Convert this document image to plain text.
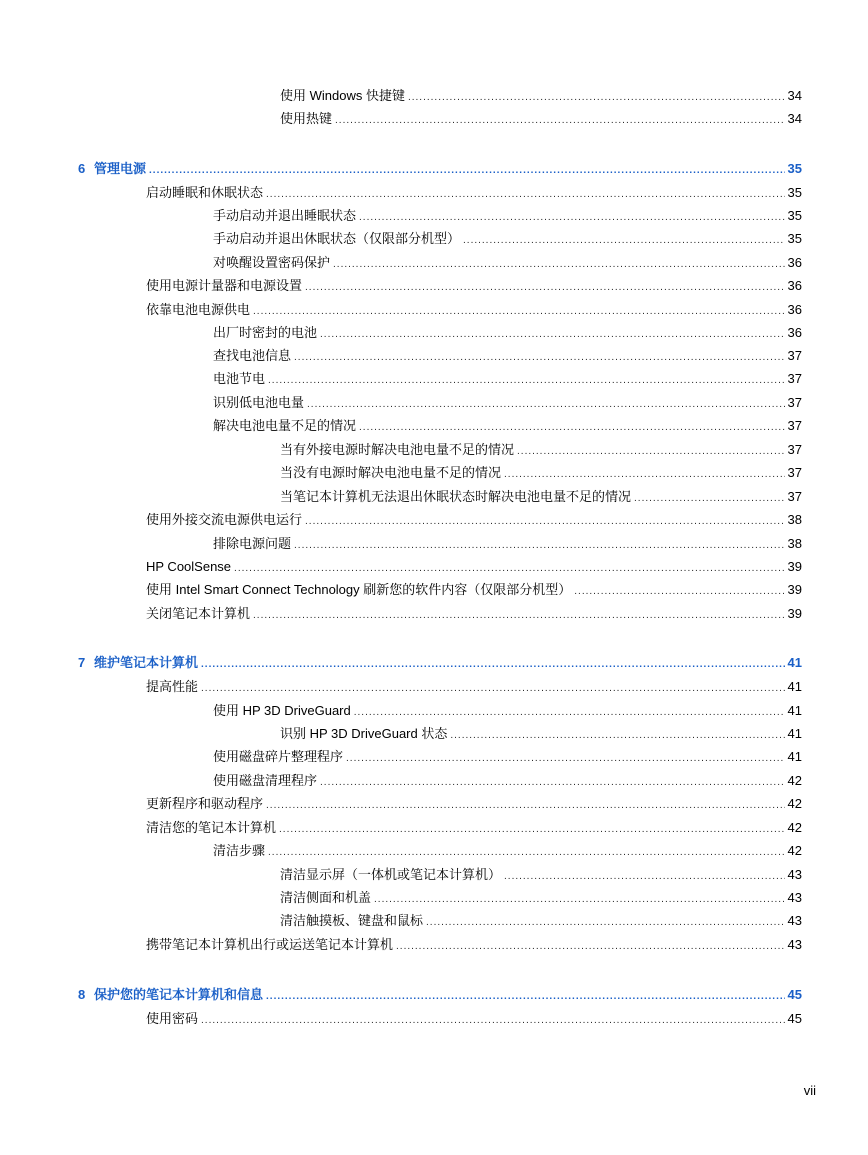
使用 Windows 快捷键 .....	34
使用热键 .....	34
6 管理电源 .....	35
启动睡眠和休眠状态 .....	35
手动启动并退出睡眠状态 .....	35
手动启动并退出休眠状态（仅限部分机型） .....	35
对唤醒设置密码保护 .....	36
使用电源计量器和电源设置 .....	36
依靠电池电源供电 .....	36
出厂时密封的电池 .....	36
查找电池信息 .....	37
电池节电 .....	37
识别低电池电量 .....	37
解决电池电量不足的情况 .....	37
当有外接电源时解决电池电量不足的情况 .....	37
当没有电源时解决电池电量不足的情况 .....	37
当笔记本计算机无法退出休眠状态时解决电池电量不足的情况 .....	37
使用外接交流电源供电运行 .....	38
排除电源问题 .....	38
HP CoolSense .....	39
使用 Intel Smart Connect Technology 刷新您的软件内容（仅限部分机型） .....	39
关闭笔记本计算机 .....	39
7 维护笔记本计算机 .....	41
提高性能 .....	41
使用 HP 3D DriveGuard .....	41
识别 HP 3D DriveGuard 状态 .....	41
使用磁盘碎片整理程序 .....	41
使用磁盘清理程序 .....	42
更新程序和驱动程序 .....	42
清洁您的笔记本计算机 .....	42
清洁步骤 .....	42
清洁显示屏（一体机或笔记本计算机） .....	43
清洁侧面和机盖 .....	43
清洁触摸板、键盘和鼠标 .....	43
携带笔记本计算机出行或运送笔记本计算机 .....	43
8 保护您的笔记本计算机和信息 .....	45
使用密码 .....	45
vii
